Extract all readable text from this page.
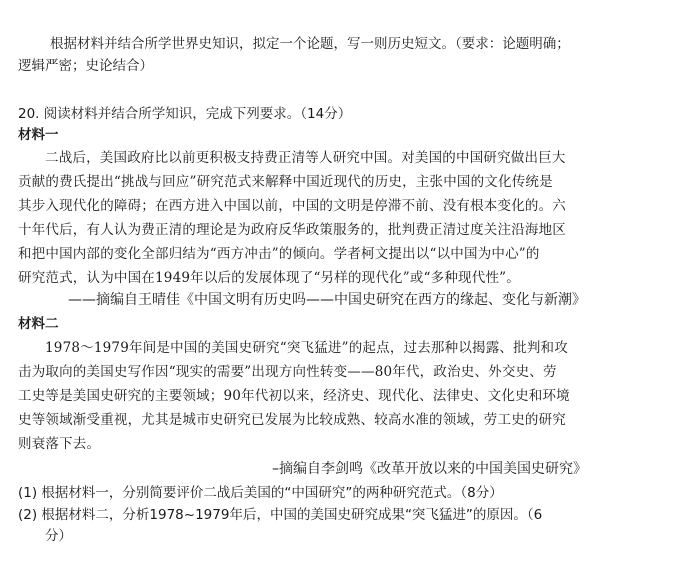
根据材料并结合所学世界史知识，拟定一个论题，写一则历史短文。（要求：论题明确；

逻辑严密；史论结合）

20. 阅读材料并结合所学知识，完成下列要求。（14分）

材料一

二战后，美国政府比以前更积极支持费正清等人研究中国。对美国的中国研究做出巨大

贡献的费氏提出“挑战与回应”研究范式来解释中国近现代的历史，主张中国的文化传统是

其步入现代化的障碍；在西方进入中国以前，中国的文明是停滞不前、没有根本变化的。六

十年代后，有人认为费正清的理论是为政府反华政策服务的，批判费正清过度关注沿海地区

和把中国内部的变化全部归结为“西方冲击”的倾向。学者柯文提出以“以中国为中心”的

研究范式，认为中国在1949年以后的发展体现了“另样的现代化”或“多种现代性”。

——摘编自王晴佳《中国文明有历史吗——中国史研究在西方的缘起、变化与新潮》

材料二

1978～1979年间是中国的美国史研究“突飞猛进”的起点，过去那种以揭露、批判和攻

击为取向的美国史写作因“现实的需要”出现方向性转变——80年代，政治史、外交史、劳

工史等是美国史研究的主要领域；90年代初以来，经济史、现代化、法律史、文化史和环境

史等领域渐受重视，尤其是城市史研究已发展为比较成熟、较高水准的领域，劳工史的研究

则衰落下去。

–摘编自李剑鸣《改革开放以来的中国美国史研究》

(1) 根据材料一，分别简要评价二战后美国的“中国研究”的两种研究范式。（8分）

(2) 根据材料二，分析1978~1979年后，中国的美国史研究成果“突飞猛进”的原因。（6

分）
